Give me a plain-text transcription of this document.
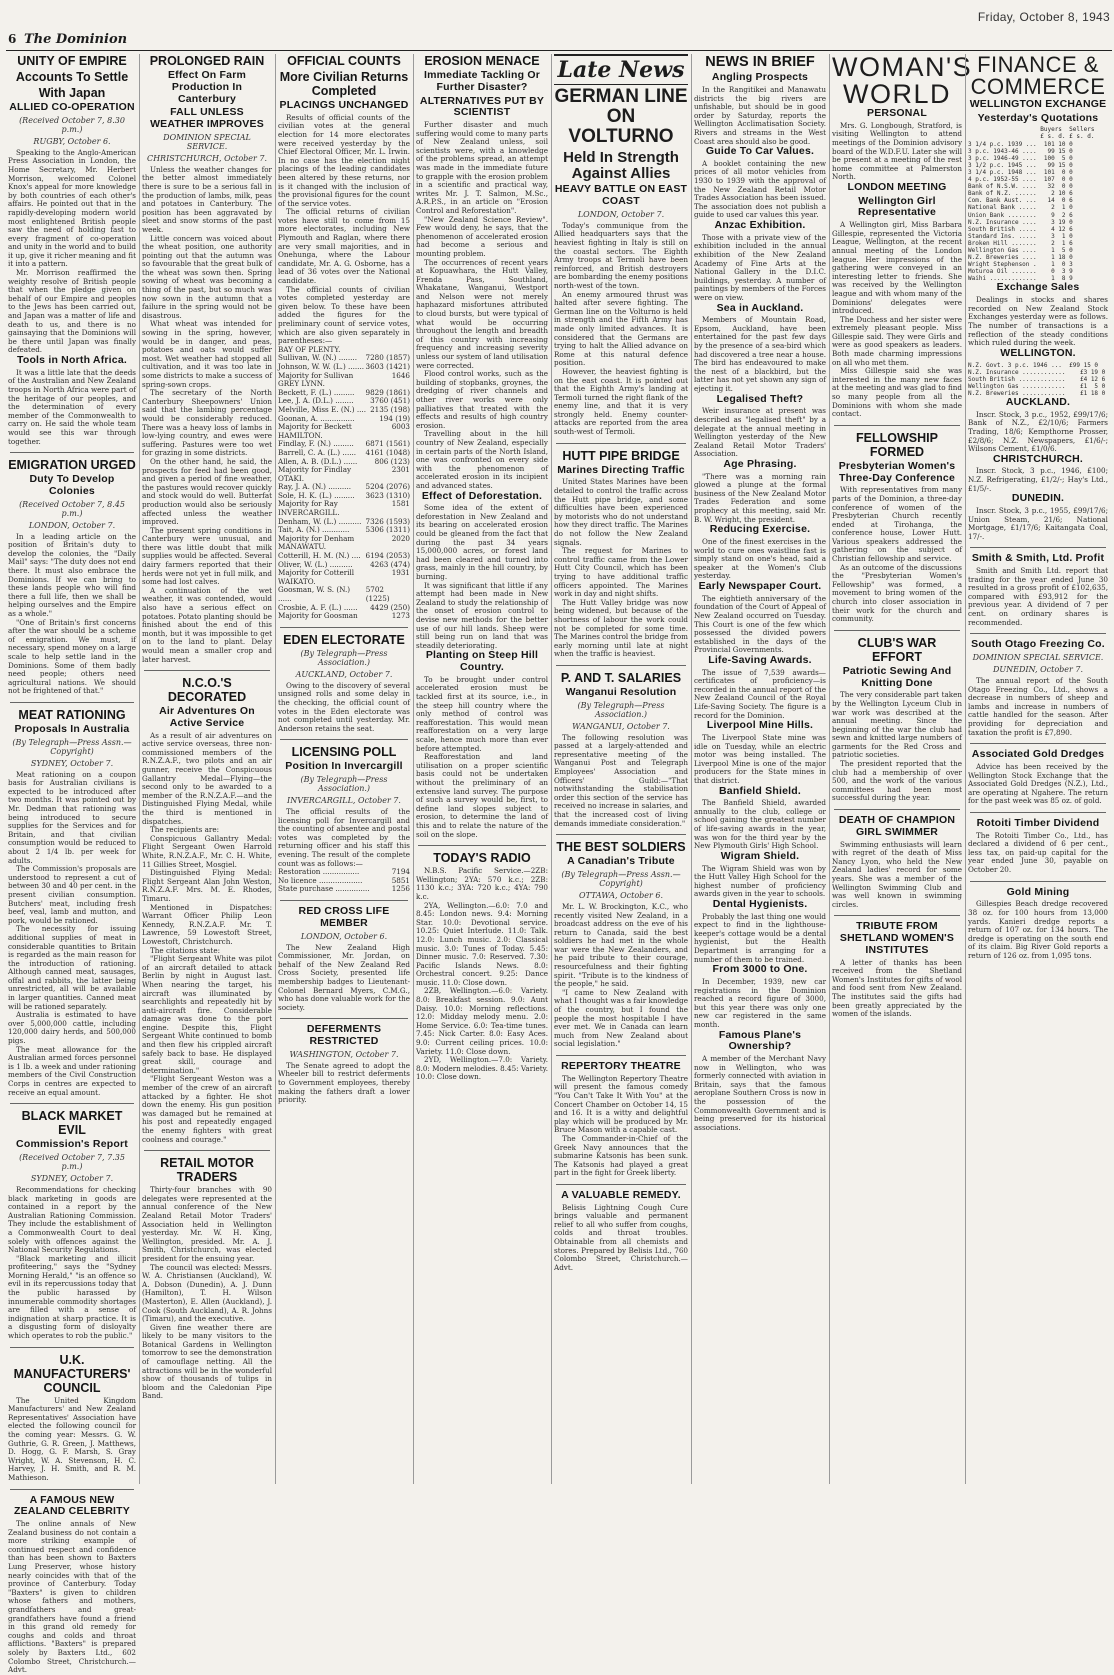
6 The Dominion
Friday, October 8, 1943
UNITY OF EMPIRE
Accounts To Settle
With Japan
ALLIED CO-OPERATION
(Received October 7, 8.30 p.m.)
RUGBY, October 6.

Speaking to the Anglo-American Press Association in London, the Home Secretary, Mr. Herbert Morrison, welcomed Colonel Knox's appeal for more knowledge by both countries of each other's affairs. He pointed out that in the rapidly-developing modern world most enlightened British people saw the need of holding fast to every fragment of co-operation and unity in the world and to build it up, give it richer meaning and fit it into a pattern.

Mr. Morrison reaffirmed the weighty resolve of British people that when the pledge given on behalf of our Empire and peoples to the Jews has been carried out, and Japan was a matter of life and death to us, and there is no gainsaying that the Dominions will be there until Japan was finally defeated.

Tools in North Africa.

It was a little late that the deeds of the Australian and New Zealand troops in North Africa were part of the heritage of our peoples, and the determination of every member of the Commonwealth to carry on. He said the whole team would see this war through together.

EMIGRATION URGED
Duty To Develop Colonies
(Received October 7, 8.45 p.m.)
LONDON, October 7.

In a leading article on the position of Britain's duty to develop the colonies, the "Daily Mail" says: "The duty does not end there. It must also embrace the Dominions. If we can bring to these lands people who will find there a full life, then we shall be helping ourselves and the Empire as a whole."

"One of Britain's first concerns after the war should be a scheme of emigration. We must, if necessary, spend money on a large scale to help settle land in the Dominions. Some of them badly need people; others need agricultural nations. We should not be frightened of that."

MEAT RATIONING
Proposals In Australia
(By Telegraph—Press Assn.—Copyright)
SYDNEY, October 7.

Meat rationing on a coupon basis for Australian civilians is expected to be introduced after two months. It was pointed out by Mr. Dedman that rationing was being introduced to secure supplies for the Services and for Britain, and that civilian consumption would be reduced to about 2 1/4 lb. per week for adults.

The Commission's proposals are understood to represent a cut of between 30 and 40 per cent. in the present civilian consumption. Butchers' meat, including fresh beef, veal, lamb and mutton, and pork, would be rationed.

The necessity for issuing additional supplies of meat in considerable quantities to Britain is regarded as the main reason for the introduction of rationing. Although canned meat, sausages, offal and rabbits, the latter being unrestricted, all will be available in larger quantities. Canned meat will be rationed separately.

Australia is estimated to have over 5,000,000 cattle, including 120,000 dairy herds, and 500,000 pigs.

The meat allowance for the Australian armed forces personnel is 1 lb. a week and under rationing members of the Civil Construction Corps in centres are expected to receive an equal amount.

BLACK MARKET EVIL
Commission's Report
(Received October 7, 7.35 p.m.)
SYDNEY, October 7.

Recommendations for checking black marketing in goods are contained in a report by the Australian Rationing Commission. They include the establishment of a Commonwealth Court to deal solely with offences against the National Security Regulations.

"Black marketing and illicit profiteering," says the "Sydney Morning Herald," "is an offence so evil in its repercussions today that the public harassed by innumerable commodity shortages are filled with a sense of indignation at sharp practice. It is a disgusting form of disloyalty which operates to rob the public."

U.K. MANUFACTURERS' COUNCIL

The United Kingdom Manufacturers' and New Zealand Representatives' Association have elected the following council for the coming year: Messrs. G. W. Guthrie, G. R. Green, J. Matthews, D. Hogg, G. F. Marsh, S. Gray Wright, W. A. Stevenson, H. C. Harvey, J. H. Smith, and R. M. Mathieson.

A FAMOUS NEW ZEALAND CELEBRITY

The online annals of New Zealand business do not contain a more striking example of continued respect and confidence than has been shown to Baxters Lung Preserver, whose history nearly coincides with that of the province of Canterbury. Today "Baxters" is given to children whose fathers and mothers, grandfathers and great-grandfathers have found a friend in this grand old remedy for coughs and colds and throat afflictions. "Baxters" is prepared solely by Baxters Ltd., 602 Colombo Street, Christchurch.—Advt.

PROLONGED RAIN
Effect On Farm Production In Canterbury
FALL UNLESS WEATHER IMPROVES
DOMINION SPECIAL SERVICE.
CHRISTCHURCH, October 7.

Unless the weather changes for the better almost immediately there is sure to be a serious fall in the production of lambs, milk, peas and potatoes in Canterbury. The position has been aggravated by sleet and snow storms of the past week.

Little concern was voiced about the wheat position, one authority pointing out that the autumn was so favourable that the great bulk of the wheat was sown then. Spring sowing of wheat was becoming a thing of the past, but so much was now sown in the autumn that a failure in the spring would not be disastrous.

What wheat was intended for sowing in the spring, however, would be in danger, and peas, potatoes and oats would suffer most. Wet weather had stopped all cultivation, and it was too late in some districts to make a success of spring-sown crops.

The secretary of the North Canterbury Sheepowners' Union said that the lambing percentage would be considerably reduced. There was a heavy loss of lambs in low-lying country, and ewes were suffering. Pastures were too wet for grazing in some districts.

On the other hand, he said, the prospects for feed had been good, and given a period of fine weather, the pastures would recover quickly and stock would do well. Butterfat production would also be seriously affected unless the weather improved.

The present spring conditions in Canterbury were unusual, and there was little doubt that milk supplies would be affected. Several dairy farmers reported that their herds were not yet in full milk, and some had lost calves.

A continuation of the wet weather, it was contended, would also have a serious effect on potatoes. Potato planting should be finished about the end of this month, but it was impossible to get on to the land to plant. Delay would mean a smaller crop and later harvest.

N.C.O.'S DECORATED
Air Adventures On Active Service

As a result of air adventures on active service overseas, three non-commissioned members of the R.N.Z.A.F., two pilots and an air gunner, receive the Conspicuous Gallantry Medal—Flying—the second only to be awarded to a member of the R.N.Z.A.F.—and the Distinguished Flying Medal, while the third is mentioned in dispatches.

The recipients are:

Conspicuous Gallantry Medal: Flight Sergeant Owen Harrold White, R.N.Z.A.F., Mr. C. H. White, 11 Gillies Street, Mosgiel.

Distinguished Flying Medal: Flight Sergeant Alan John Weston, R.N.Z.A.F. Mrs. M. E. Rhodes, Timaru.

Mentioned in Dispatches: Warrant Officer Philip Leon Kennedy, R.N.Z.A.F. Mr. T. Lawrence, 59 Lowestoft Street, Lowestoft, Christchurch.

The citations state:

"Flight Sergeant White was pilot of an aircraft detailed to attack Berlin by night in August last. When nearing the target, his aircraft was illuminated by searchlights and repeatedly hit by anti-aircraft fire. Considerable damage was done to the port engine. Despite this, Flight Sergeant White continued to bomb and then flew his crippled aircraft safely back to base. He displayed great skill, courage and determination."

"Flight Sergeant Weston was a member of the crew of an aircraft attacked by a fighter. He shot down the enemy. His gun position was damaged but he remained at his post and repeatedly engaged the enemy fighters with great coolness and courage."

RETAIL MOTOR TRADERS

Thirty-four branches with 90 delegates were represented at the annual conference of the New Zealand Retail Motor Traders' Association held in Wellington yesterday. Mr. W. H. King, Wellington, presided. Mr. A. J. Smith, Christchurch, was elected president for the ensuing year.

The council was elected: Messrs. W. A. Christiansen (Auckland), W. A. Dobson (Dunedin), A. J. Dunn (Hamilton), T. H. Wilson (Masterton), E. Allen (Auckland), J. Cook (South Auckland), A. R. Johns (Timaru), and the executive.

Given fine weather there are likely to be many visitors to the Botanical Gardens in Wellington tomorrow to see the demonstration of camouflage netting. All the attractions will be in the wonderful show of thousands of tulips in bloom and the Caledonian Pipe Band.

OFFICIAL COUNTS
More Civilian Returns Completed
PLACINGS UNCHANGED

Results of official counts of the civilian votes at the general election for 14 more electorates were received yesterday by the Chief Electoral Officer, Mr. L. Irwin. In no case has the election night placings of the leading candidates been altered by these returns, nor is it changed with the inclusion of the provisional figures for the count of the service votes.

The official returns of civilian votes have still to come from 15 more electorates, including New Plymouth and Raglan, where there are very small majorities, and in Onehunga, where the Labour candidate, Mr. A. G. Osborne, has a lead of 36 votes over the National candidate.

The official counts of civilian votes completed yesterday are given below. To these have been added the figures for the preliminary count of service votes, which are also given separately in parentheses:—

BAY OF PLENTY.
Sullivan, W. (N.) ........ 7280 (1857)
Johnson, W. W. (L.) ....... 3603 (1421)
Majority for Sullivan	1646
GREY LYNN.
Beckett, F. (L.) ......... 9829 (1861)
Lee, J. A. (D.L.) ........ 3760 (451)
Melville, Miss E. (N.) .... 2135 (198)
Goonan, A. ...............	194 (19)
Majority for Beckett	6003
HAMILTON.
Findlay, F. (N.) ......... 6871 (1561)
Barrell, C. A. (L.) ...... 4161 (1048)
Allen, A. B. (D.L.) ...... 806 (123)
Majority for Findlay	2301
OTAKI.
Ray, J. A. (N.) .......... 5204 (2076)
Sole, H. K. (L.) ......... 3623 (1310)
Majority for Ray	1581
INVERCARGILL.
Denham, W. (L.) .......... 7326 (1593)
Tait, A. (N.) ............ 5306 (1311)
Majority for Denham	2020
MANAWATU.
Cotterill, H. M. (N.) .... 6194 (2053)
Oliver, W. (L.) .......... 4263 (474)
Majority for Cotterill	1931
WAIKATO.
Goosman, W. S. (N.) ......
5702 (1225)
Crosbie, A. F. (L.) ...... 4429 (250)
Majority for Goosman	1273
EDEN ELECTORATE
(By Telegraph—Press Association.)
AUCKLAND, October 7.

Owing to the discovery of several unsigned rolls and some delay in the checking, the official count of votes in the Eden electorate was not completed until yesterday. Mr. Anderson retains the seat.

LICENSING POLL
Position In Invercargill
(By Telegraph—Press Association.)
INVERCARGILL, October 7.

The official results of the licensing poll for Invercargill and the counting of absentee and postal votes was completed by the returning officer and his staff this evening. The result of the complete count was as follows:—

Restoration ................	7194
No licence ...................	5851
State purchase ...............	1256
RED CROSS LIFE MEMBER
LONDON, October 6.

The New Zealand High Commissioner, Mr. Jordan, on behalf of the New Zealand Red Cross Society, presented life membership badges to Lieutenant-Colonel Bernard Myers, C.M.G., who has done valuable work for the society.

DEFERMENTS RESTRICTED
WASHINGTON, October 7.

The Senate agreed to adopt the Wheeler bill to restrict deferments to Government employees, thereby making the fathers draft a lower priority.

EROSION MENACE
Immediate Tackling Or Further Disaster?
ALTERNATIVES PUT BY SCIENTIST

Further disaster and much suffering would come to many parts of New Zealand unless, soil scientists were, with a knowledge of the problems spread, an attempt was made in the immediate future to grapple with the erosion problem in a scientific and practical way, writes Mr. J. T. Salmon, M.Sc., A.R.P.S., in an article on "Erosion Control and Reforestation".

"New Zealand Science Review". Few would deny, he says, that the phenomenon of accelerated erosion had become a serious and mounting problem.

The occurrences of recent years at Kopuawhara, the Hutt Valley, Frenda Pass, Southland, Whakatane, Wanganui, Westport and Nelson were not merely haphazard misfortunes attributed to cloud bursts, but were typical of what would be occurring throughout the length and breadth of this country with increasing frequency and increasing severity unless our system of land utilisation were corrected.

Flood control works, such as the building of stopbanks, groynes, the dredging of river channels and other river works were only palliatives that treated with the effects and results of high country erosion.

Travelling about in the hill country of New Zealand, especially in certain parts of the North Island, one was confronted on every side with the phenomenon of accelerated erosion in its incipient and advanced states.

Effect of Deforestation.

Some idea of the extent of deforestation in New Zealand and its bearing on accelerated erosion could be gleaned from the fact that during the past 34 years 15,000,000 acres, or forest land had been cleared and turned into grass, mainly in the hill country, by burning.

It was significant that little if any attempt had been made in New Zealand to study the relationship of the onset of erosion control to devise new methods for the better use of our hill lands. Sheep were still being run on land that was steadily deteriorating.

Planting on Steep Hill Country.

To be brought under control accelerated erosion must be tackled first at its source, i.e., in the steep hill country where the only method of control was reafforestation. This would mean reafforestation on a very large scale, hence much more than ever before attempted.

Reafforestation and land utilisation on a proper scientific basis could not be undertaken without the preliminary of an extensive land survey. The purpose of such a survey would be, first, to define land slopes subject to erosion, to determine the land of this and to relate the nature of the soil on the slope.

TODAY'S RADIO

N.B.S. Pacific Service.—2ZB: Wellington; 2YA: 570 k.c.; 2ZB: 1130 k.c.; 3YA: 720 k.c.; 4YA: 790 k.c.

2YA, Wellington.—6.0: 7.0 and 8.45: London news. 9.4: Morning Star. 10.0: Devotional service. 10.25: Quiet Interlude. 11.0: Talk. 12.0: Lunch music. 2.0: Classical music. 3.0: Tunes of Today. 5.45: Dinner music. 7.0: Reserved. 7.30: Pacific Islands News. 8.0: Orchestral concert. 9.25: Dance music. 11.0: Close down.

2ZB, Wellington.—6.0: Variety. 8.0: Breakfast session. 9.0: Aunt Daisy. 10.0: Morning reflections. 12.0: Midday melody menu. 2.0: Home Service. 6.0: Tea-time tunes. 7.45: Nick Carter. 8.0: Easy Aces. 9.0: Current ceiling prices. 10.0: Variety. 11.0: Close down.

2YD, Wellington.—7.0: Variety. 8.0: Modern melodies. 8.45: Variety. 10.0: Close down.

Late News
GERMAN LINE ON VOLTURNO
Held In Strength Against Allies
HEAVY BATTLE ON EAST COAST
LONDON, October 7.

Today's communique from the Allied headquarters says that the heaviest fighting in Italy is still on the coastal sectors. The Eighth Army troops at Termoli have been reinforced, and British destroyers are bombarding the enemy positions north-west of the town.

An enemy armoured thrust was halted after severe fighting. The German line on the Volturno is held in strength and the Fifth Army has made only limited advances. It is considered that the Germans are trying to halt the Allied advance on Rome at this natural defence position.

However, the heaviest fighting is on the east coast. It is pointed out that the Eighth Army's landing at Termoli turned the right flank of the enemy line, and that it is very strongly held. Enemy counter-attacks are reported from the area south-west of Termoli.

HUTT PIPE BRIDGE
Marines Directing Traffic

United States Marines have been detailed to control the traffic across the Hutt pipe bridge, and some difficulties have been experienced by motorists who do not understand how they direct traffic. The Marines do not follow the New Zealand signals.

The request for Marines to control traffic came from the Lower Hutt City Council, which has been trying to have additional traffic officers appointed. The Marines work in day and night shifts.

The Hutt Valley bridge was now being widened, but because of the shortness of labour the work could not be completed for some time. The Marines control the bridge from early morning until late at night when the traffic is heaviest.

P. AND T. SALARIES
Wanganui Resolution
(By Telegraph—Press Association.)
WANGANUI, October 7.

The following resolution was passed at a largely-attended and representative meeting of the Wanganui Post and Telegraph Employees' Association and Officers' Guild:—"That notwithstanding the stabilisation order this section of the service has received no increase in salaries, and that the increased cost of living demands immediate consideration."

THE BEST SOLDIERS
A Canadian's Tribute
(By Telegraph—Press Assn.—Copyright)
OTTAWA, October 6.

Mr. L. W. Brockington, K.C., who recently visited New Zealand, in a broadcast address on the eve of his return to Canada, said the best soldiers he had met in the whole war were the New Zealanders, and he paid tribute to their courage, resourcefulness and their fighting spirit. "Tribute is to the kindness of the people," he said.

"I came to New Zealand with what I thought was a fair knowledge of the country, but I found the people the most hospitable I have ever met. We in Canada can learn much from New Zealand about social legislation."

REPERTORY THEATRE

The Wellington Repertory Theatre will present the famous comedy "You Can't Take It With You" at the Concert Chamber on October 14, 15 and 16. It is a witty and delightful play which will be produced by Mr. Bruce Mason with a capable cast.

The Commander-in-Chief of the Greek Navy announces that the submarine Katsonis has been sunk. The Katsonis had played a great part in the fight for Greek liberty.

A VALUABLE REMEDY.

Belisis Lightning Cough Cure brings valuable and permanent relief to all who suffer from coughs, colds and throat troubles. Obtainable from all chemists and stores. Prepared by Belisis Ltd., 760 Colombo Street, Christchurch.—Advt.

NEWS IN BRIEF
Angling Prospects

In the Rangitikei and Manawatu districts the big rivers are unfishable, but should be in good order by Saturday, reports the Wellington Acclimatisation Society. Rivers and streams in the West Coast area should also be good.

Guide To Car Values.

A booklet containing the new prices of all motor vehicles from 1930 to 1939 with the approval of the New Zealand Retail Motor Trades Association has been issued. The association does not publish a guide to used car values this year.

Anzac Exhibition.

Those with a private view of the exhibition included in the annual exhibition of the New Zealand Academy of Fine Arts at the National Gallery in the D.I.C. buildings, yesterday. A number of paintings by members of the Forces were on view.

Sea in Auckland.

Members of Mountain Road, Epsom, Auckland, have been entertained for the past few days by the presence of a sea-bird which had discovered a tree near a house. The bird has endeavoured to make the nest of a blackbird, but the latter has not yet shown any sign of ejecting it.

Legalised Theft?

Weir insurance at present was described as "legalised theft" by a delegate at the annual meeting in Wellington yesterday of the New Zealand Retail Motor Traders' Association.

Age Phrasing.

"There was a morning rain glowed a plunge at the formal business of the New Zealand Motor Trades Federation and some prophecy at this meeting, said Mr. B. W. Wright, the president.

Reducing Exercise.

One of the finest exercises in the world to cure ones waistline fast is simply stand on one's head, said a speaker at the Women's Club yesterday.

Early Newspaper Court.

The eightieth anniversary of the foundation of the Court of Appeal of New Zealand occurred on Tuesday. This Court is one of the few which possessed the divided powers established in the days of the Provincial Governments.

Life-Saving Awards.

The issue of 7,539 awards—certificates of proficiency—is recorded in the annual report of the New Zealand Council of the Royal Life-Saving Society. The figure is a record for the Dominion.

Liverpool Mine Hills.

The Liverpool State mine was idle on Tuesday, while an electric motor was being installed. The Liverpool Mine is one of the major producers for the State mines in that district.

Banfield Shield.

The Banfield Shield, awarded annually to the club, college or school gaining the greatest number of life-saving awards in the year, was won for the third year by the New Plymouth Girls' High School.

Wigram Shield.

The Wigram Shield was won by the Hutt Valley High School for the highest number of proficiency awards given in the year to schools.

Dental Hygienists.

Probably the last thing one would expect to find in the lighthouse-keeper's cottage would be a dental hygienist, but the Health Department is arranging for a number of them to be trained.

From 3000 to One.

In December, 1939, new car registrations in the Dominion reached a record figure of 3000, but this year there was only one new car registered in the same month.

Famous Plane's Ownership?

A member of the Merchant Navy now in Wellington, who was formerly connected with aviation in Britain, says that the famous aeroplane Southern Cross is now in the possession of the Commonwealth Government and is being preserved for its historical associations.

WOMAN'S
WORLD
PERSONAL

Mrs. G. Longbough, Stratford, is visiting Wellington to attend meetings of the Dominion advisory board of the W.D.F.U. Later she will be present at a meeting of the rest home committee at Palmerston North.

LONDON MEETING
Wellington Girl Representative

A Wellington girl, Miss Barbara Gillespie, represented the Victoria League, Wellington, at the recent annual meeting of the London league. Her impressions of the gathering were conveyed in an interesting letter to friends. She was received by the Wellington league and with whom many of the Dominions' delegates were introduced.

The Duchess and her sister were extremely pleasant people. Miss Gillespie said. They were Girls and were as good speakers as leaders. Both made charming impressions on all who met them.

Miss Gillespie said she was interested in the many new faces at the meeting and was glad to find so many people from all the Dominions with whom she made contact.

FELLOWSHIP FORMED
Presbyterian Women's Three-Day Conference

With representatives from many parts of the Dominion, a three-day conference of women of the Presbyterian Church recently ended at Tirohanga, the conference house, Lower Hutt. Various speakers addressed the gathering on the subject of Christian fellowship and service.

As an outcome of the discussions the "Presbyterian Women's Fellowship" was formed, a movement to bring women of the church into closer association in their work for the church and community.

CLUB'S WAR EFFORT
Patriotic Sewing And Knitting Done

The very considerable part taken by the Wellington Lyceum Club in war work was described at the annual meeting. Since the beginning of the war the club had sewn and knitted large numbers of garments for the Red Cross and patriotic societies.

The president reported that the club had a membership of over 500, and the work of the various committees had been most successful during the year.

DEATH OF CHAMPION GIRL SWIMMER

Swimming enthusiasts will learn with regret of the death of Miss Nancy Lyon, who held the New Zealand ladies' record for some years. She was a member of the Wellington Swimming Club and was well known in swimming circles.

TRIBUTE FROM SHETLAND WOMEN'S INSTITUTES

A letter of thanks has been received from the Shetland Women's Institutes for gifts of wool and food sent from New Zealand. The institutes said the gifts had been greatly appreciated by the women of the islands.

FINANCE &
COMMERCE
WELLINGTON EXCHANGE
Yesterday's Quotations
Buyers  Sellers
£ s. d. £ s. d.
3 1/4 p.c. 1939 ...  101 10 0
3 p.c. 1943-46 ....   99 15 0
3 p.c. 1946-49 ....  100  5 0
3 1/2 p.c. 1945 ...   99 15 0
3 1/4 p.c. 1948 ...  101  0 0
4 p.c. 1952-55 ....  107  0 0
Bank of N.S.W. ....   32  0 0
Bank of N.Z. ......    2 10 6
Com. Bank Aust. ...   14  0 6
National Bank .....    2  1 0
Union Bank ........    9  2 6
N.Z. Insurance ....    3 19 0
South British .....    4 12 6
Standard Ins. .....    3  1 0
Broken Hill .......    2  1 6
Wellington Gas ....    1  5 0
N.Z. Breweries ....    1 18 0
Wright Stephenson .    1  0 3
Moturoa Oil .......    0  3 9
Waihi .............    1  8 9
Exchange Sales

Dealings in stocks and shares recorded on New Zealand Stock Exchanges yesterday were as follows. The number of transactions is a reflection of the steady conditions which ruled during the week.

WELLINGTON.
N.Z. Govt. 3 p.c. 1946 ...  £99 15 0
N.Z. Insurance ............    £3 19 0
South British .............    £4 12 6
Wellington Gas ............    £1  5 0
N.Z. Breweries ............    £1 18 0
AUCKLAND.

Inscr. Stock, 3 p.c., 1952, £99/17/6; Bank of N.Z., £2/10/6; Farmers Trading, 18/6; Kempthorne Prosser, £2/8/6; N.Z. Newspapers, £1/6/-; Wilsons Cement, £1/0/6.

CHRISTCHURCH.

Inscr. Stock, 3 p.c., 1946, £100; N.Z. Refrigerating, £1/2/-; Hay's Ltd., £1/5/-.

DUNEDIN.

Inscr. Stock, 3 p.c., 1955, £99/17/6; Union Steam, 21/6; National Mortgage, £1/17/6; Kaitangata Coal, 17/-.

Smith & Smith, Ltd. Profit

Smith and Smith Ltd. report that trading for the year ended June 30 resulted in a gross profit of £102,635, compared with £93,912 for the previous year. A dividend of 7 per cent. on ordinary shares is recommended.

South Otago Freezing Co.
DOMINION SPECIAL SERVICE.
DUNEDIN, October 7.

The annual report of the South Otago Freezing Co., Ltd., shows a decrease in numbers of sheep and lambs and increase in numbers of cattle handled for the season. After providing for depreciation and taxation the profit is £7,890.

Associated Gold Dredges

Advice has been received by the Wellington Stock Exchange that the Associated Gold Dredges (N.Z.), Ltd., are operating at Ngahere. The return for the past week was 85 oz. of gold.

Rotoiti Timber Dividend

The Rotoiti Timber Co., Ltd., has declared a dividend of 6 per cent., less tax, on paid-up capital for the year ended June 30, payable on October 20.

Gold Mining

Gillespies Beach dredge recovered 38 oz. for 100 hours from 13,000 yards. Kanieri dredge reports a return of 107 oz. for 134 hours. The dredge is operating on the south end of its claim. Big River Gold reports a return of 126 oz. from 1,095 tons.
